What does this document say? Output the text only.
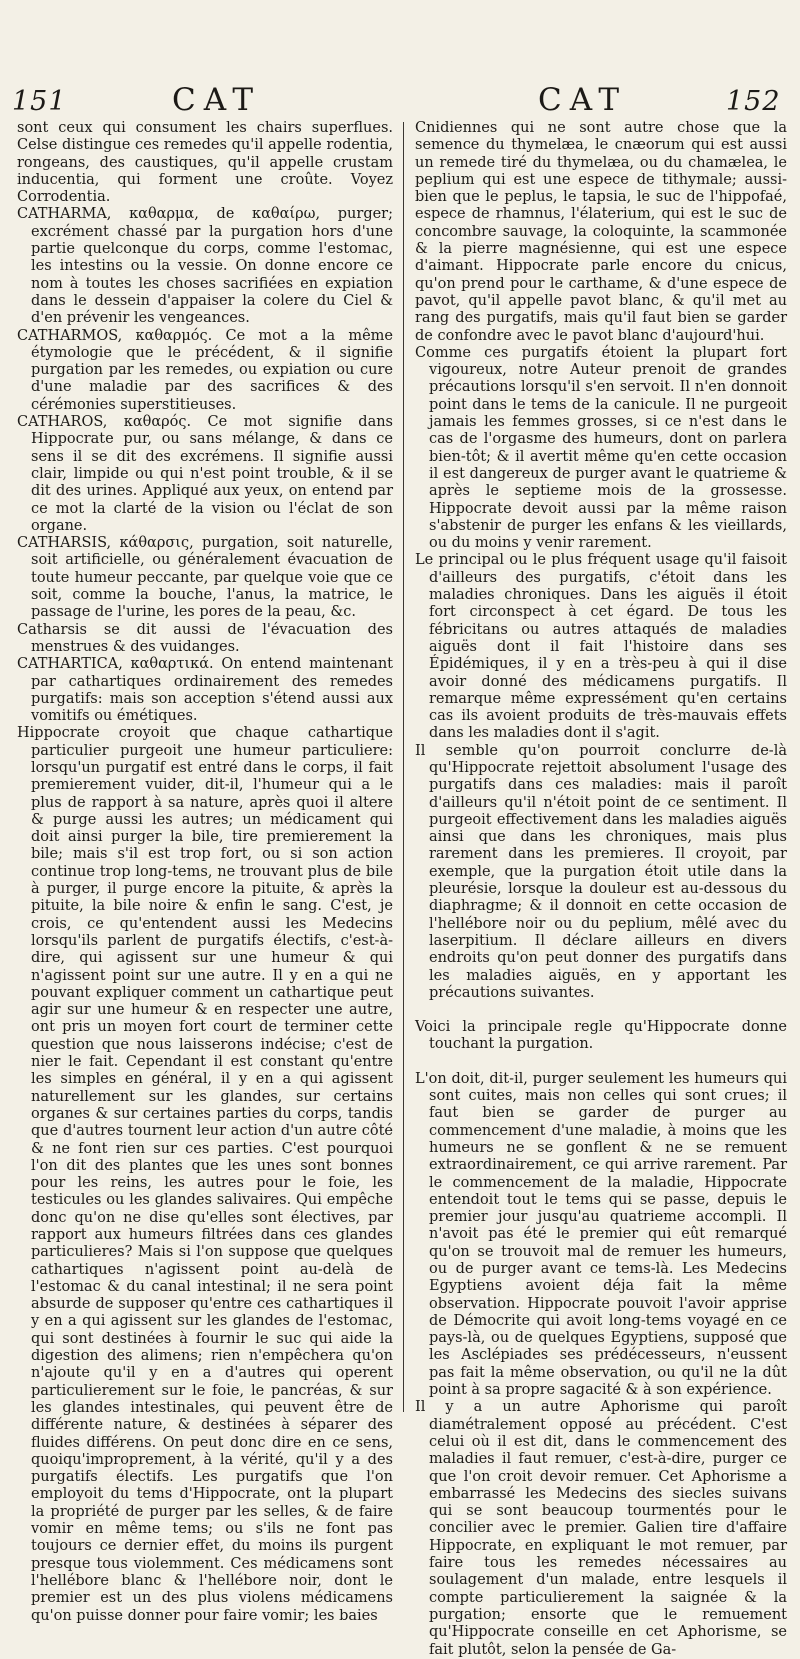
151	CAT	CAT	152

sont ceux qui consument les chairs superflues. Celse distingue ces remedes qu'il appelle rodentia, rongeans, des caustiques, qu'il appelle crustam inducentia, qui forment une croûte. Voyez Corrodentia.

CATHARMA, καθαρμα, de καθαίρω, purger; excrément chassé par la purgation hors d'une partie quelconque du corps, comme l'estomac, les intestins ou la vessie. On donne encore ce nom à toutes les choses sacrifiées en expiation dans le dessein d'appaiser la colere du Ciel & d'en prévenir les vengeances.

CATHARMOS, καθαρμός. Ce mot a la même étymologie que le précédent, & il signifie purgation par les remedes, ou expiation ou cure d'une maladie par des sacrifices & des cérémonies superstitieuses.

CATHAROS, καθαρός. Ce mot signifie dans Hippocrate pur, ou sans mélange, & dans ce sens il se dit des excrémens. Il signifie aussi clair, limpide ou qui n'est point trouble, & il se dit des urines. Appliqué aux yeux, on entend par ce mot la clarté de la vision ou l'éclat de son organe.

CATHARSIS, κάθαρσις, purgation, soit naturelle, soit artificielle, ou généralement évacuation de toute humeur peccante, par quelque voie que ce soit, comme la bouche, l'anus, la matrice, le passage de l'urine, les pores de la peau, &c.

Catharsis se dit aussi de l'évacuation des menstrues & des vuidanges.

CATHARTICA, καθαρτικά. On entend maintenant par cathartiques ordinairement des remedes purgatifs: mais son acception s'étend aussi aux vomitifs ou émétiques.

Hippocrate croyoit que chaque cathartique particulier purgeoit une humeur particuliere: lorsqu'un purgatif est entré dans le corps, il fait premierement vuider, dit-il, l'humeur qui a le plus de rapport à sa nature, après quoi il altere & purge aussi les autres; un médicament qui doit ainsi purger la bile, tire premierement la bile; mais s'il est trop fort, ou si son action continue trop long-tems, ne trouvant plus de bile à purger, il purge encore la pituite, & après la pituite, la bile noire & enfin le sang. C'est, je crois, ce qu'entendent aussi les Medecins lorsqu'ils parlent de purgatifs électifs, c'est-à-dire, qui agissent sur une humeur & qui n'agissent point sur une autre. Il y en a qui ne pouvant expliquer comment un cathartique peut agir sur une humeur & en respecter une autre, ont pris un moyen fort court de terminer cette question que nous laisserons indécise; c'est de nier le fait. Cependant il est constant qu'entre les simples en général, il y en a qui agissent naturellement sur les glandes, sur certains organes & sur certaines parties du corps, tandis que d'autres tournent leur action d'un autre côté & ne font rien sur ces parties. C'est pourquoi l'on dit des plantes que les unes sont bonnes pour les reins, les autres pour le foie, les testicules ou les glandes salivaires. Qui empêche donc qu'on ne dise qu'elles sont électives, par rapport aux humeurs filtrées dans ces glandes particulieres? Mais si l'on suppose que quelques cathartiques n'agissent point au-delà de l'estomac & du canal intestinal; il ne sera point absurde de supposer qu'entre ces cathartiques il y en a qui agissent sur les glandes de l'estomac, qui sont destinées à fournir le suc qui aide la digestion des alimens; rien n'empêchera qu'on n'ajoute qu'il y en a d'autres qui operent particulierement sur le foie, le pancréas, & sur les glandes intestinales, qui peuvent être de différente nature, & destinées à séparer des fluides différens. On peut donc dire en ce sens, quoiqu'improprement, à la vérité, qu'il y a des purgatifs électifs. Les purgatifs que l'on employoit du tems d'Hippocrate, ont la plupart la propriété de purger par les selles, & de faire vomir en même tems; ou s'ils ne font pas toujours ce dernier effet, du moins ils purgent presque tous violemment. Ces médicamens sont l'hellébore blanc & l'hellébore noir, dont le premier est un des plus violens médicamens qu'on puisse donner pour faire vomir; les baies

Cnidiennes qui ne sont autre chose que la semence du thymelæa, le cnæorum qui est aussi un remede tiré du thymelæa, ou du chamælea, le peplium qui est une espece de tithymale; aussi-bien que le peplus, le tapsia, le suc de l'hippofaé, espece de rhamnus, l'élaterium, qui est le suc de concombre sauvage, la coloquinte, la scammonée & la pierre magnésienne, qui est une espece d'aimant. Hippocrate parle encore du cnicus, qu'on prend pour le carthame, & d'une espece de pavot, qu'il appelle pavot blanc, & qu'il met au rang des purgatifs, mais qu'il faut bien se garder de confondre avec le pavot blanc d'aujourd'hui.

Comme ces purgatifs étoient la plupart fort vigoureux, notre Auteur prenoit de grandes précautions lorsqu'il s'en servoit. Il n'en donnoit point dans le tems de la canicule. Il ne purgeoit jamais les femmes grosses, si ce n'est dans le cas de l'orgasme des humeurs, dont on parlera bien-tôt; & il avertit même qu'en cette occasion il est dangereux de purger avant le quatrieme & après le septieme mois de la grossesse. Hippocrate devoit aussi par la même raison s'abstenir de purger les enfans & les vieillards, ou du moins y venir rarement.

Le principal ou le plus fréquent usage qu'il faisoit d'ailleurs des purgatifs, c'étoit dans les maladies chroniques. Dans les aiguës il étoit fort circonspect à cet égard. De tous les fébricitans ou autres attaqués de maladies aiguës dont il fait l'histoire dans ses Épidémiques, il y en a très-peu à qui il dise avoir donné des médicamens purgatifs. Il remarque même expressément qu'en certains cas ils avoient produits de très-mauvais effets dans les maladies dont il s'agit.

Il semble qu'on pourroit conclurre de-là qu'Hippocrate rejettoit absolument l'usage des purgatifs dans ces maladies: mais il paroît d'ailleurs qu'il n'étoit point de ce sentiment. Il purgeoit effectivement dans les maladies aiguës ainsi que dans les chroniques, mais plus rarement dans les premieres. Il croyoit, par exemple, que la purgation étoit utile dans la pleurésie, lorsque la douleur est au-dessous du diaphragme; & il donnoit en cette occasion de l'hellébore noir ou du peplium, mêlé avec du laserpitium. Il déclare ailleurs en divers endroits qu'on peut donner des purgatifs dans les maladies aiguës, en y apportant les précautions suivantes.

Voici la principale regle qu'Hippocrate donne touchant la purgation.

L'on doit, dit-il, purger seulement les humeurs qui sont cuites, mais non celles qui sont crues; il faut bien se garder de purger au commencement d'une maladie, à moins que les humeurs ne se gonflent & ne se remuent extraordinairement, ce qui arrive rarement. Par le commencement de la maladie, Hippocrate entendoit tout le tems qui se passe, depuis le premier jour jusqu'au quatrieme accompli. Il n'avoit pas été le premier qui eût remarqué qu'on se trouvoit mal de remuer les humeurs, ou de purger avant ce tems-là. Les Medecins Egyptiens avoient déja fait la même observation. Hippocrate pouvoit l'avoir apprise de Démocrite qui avoit long-tems voyagé en ce pays-là, ou de quelques Egyptiens, supposé que les Asclépiades ses prédécesseurs, n'eussent pas fait la même observation, ou qu'il ne la dût point à sa propre sagacité & à son expérience.

Il y a un autre Aphorisme qui paroît diamétralement opposé au précédent. C'est celui où il est dit, dans le commencement des maladies il faut remuer, c'est-à-dire, purger ce que l'on croit devoir remuer. Cet Aphorisme a embarrassé les Medecins des siecles suivans qui se sont beaucoup tourmentés pour le concilier avec le premier. Galien tire d'affaire Hippocrate, en expliquant le mot remuer, par faire tous les remedes nécessaires au soulagement d'un malade, entre lesquels il compte particulierement la saignée & la purgation; ensorte que le remuement qu'Hippocrate conseille en cet Aphorisme, se fait plutôt, selon la pensée de Ga-
